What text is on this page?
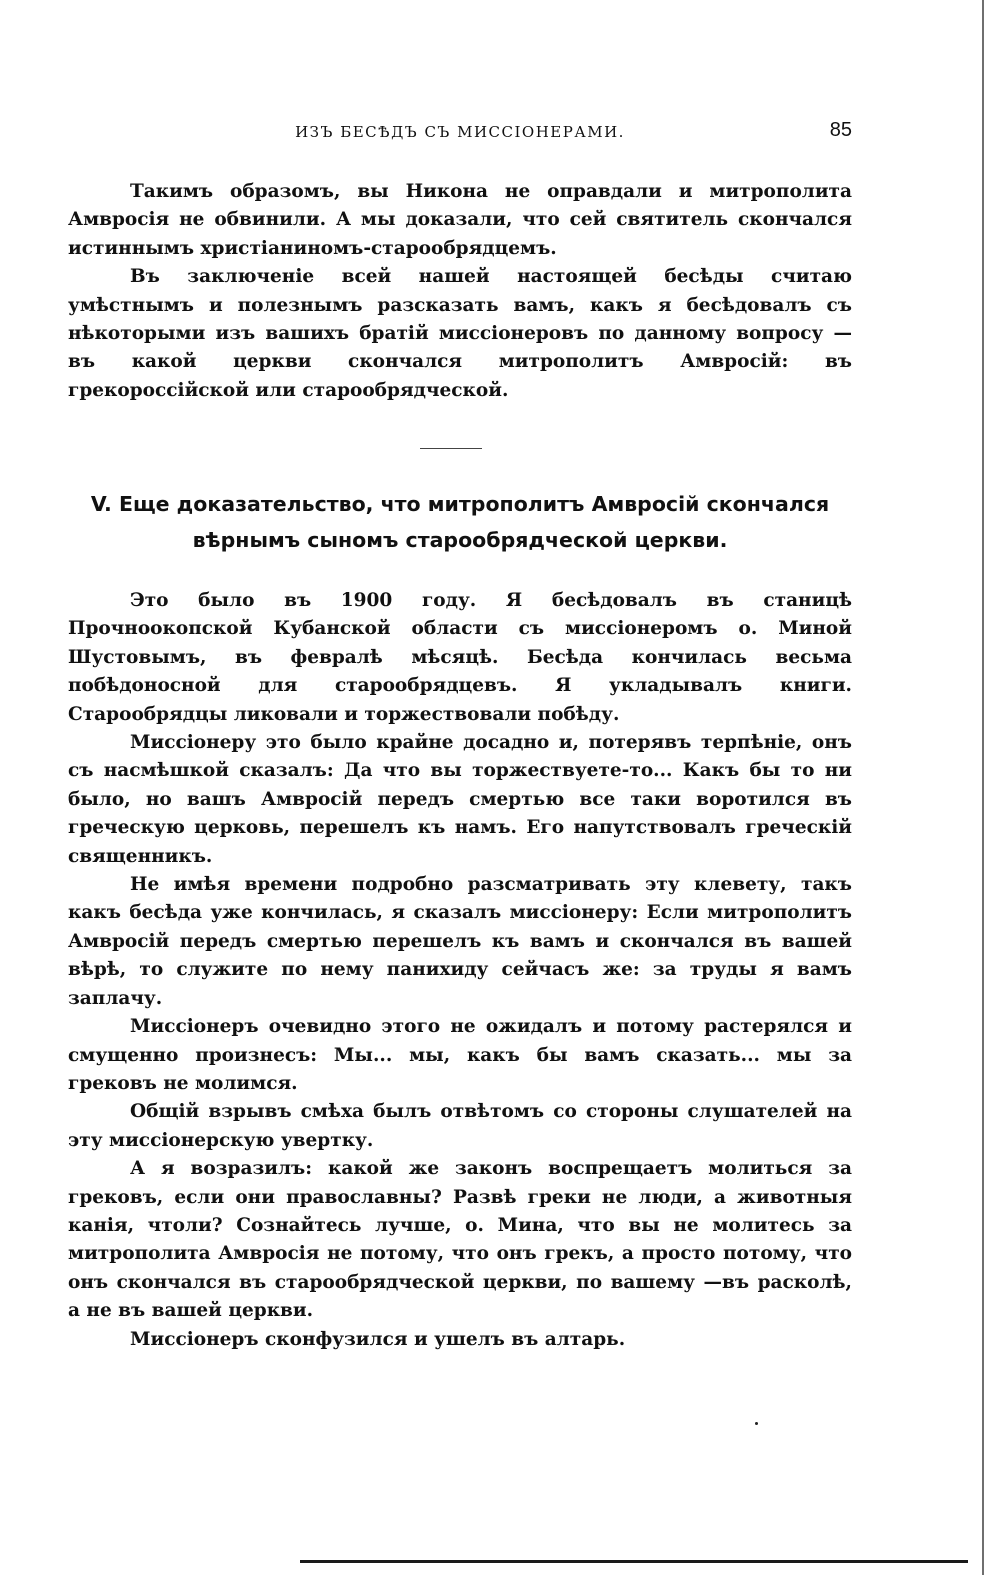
ИЗЪ БЕСѢДЪ СЪ МИССІОНЕРАМИ.	85

Такимъ образомъ, вы Никона не оправдали и митрополита Амвросія не обвинили. А мы доказали, что сей святитель скончался истиннымъ христіаниномъ-старообрядцемъ.

Въ заключеніе всей нашей настоящей бесѣды считаю умѣстнымъ и полезнымъ разсказать вамъ, какъ я бесѣдовалъ съ нѣкоторыми изъ вашихъ братій миссіонеровъ по данному вопросу — въ какой церкви скончался митрополитъ Амвросій: въ грекороссійской или старообрядческой.

V. Еще доказательство, что митрополитъ Амвросій скончался
вѣрнымъ сыномъ старообрядческой церкви.

Это было въ 1900 году. Я бесѣдовалъ въ станицѣ Прочноокопской Кубанской области съ миссіонеромъ о. Миной Шустовымъ, въ февралѣ мѣсяцѣ. Бесѣда кончилась весьма побѣдоносной для старообрядцевъ. Я укладывалъ книги. Старообрядцы ликовали и торжествовали побѣду.

Миссіонеру это было крайне досадно и, потерявъ терпѣніе, онъ съ насмѣшкой сказалъ: Да что вы торжествуете-то... Какъ бы то ни было, но вашъ Амвросій передъ смертью все таки воротился въ греческую церковь, перешелъ къ намъ. Его напутствовалъ греческій священникъ.

Не имѣя времени подробно разсматривать эту клевету, такъ какъ бесѣда уже кончилась, я сказалъ миссіонеру: Если митрополитъ Амвросій передъ смертью перешелъ къ вамъ и скончался въ вашей вѣрѣ, то служите по нему панихиду сейчасъ же: за труды я вамъ заплачу.

Миссіонеръ очевидно этого не ожидалъ и потому растерялся и смущенно произнесъ: Мы... мы, какъ бы вамъ сказать... мы за грековъ не молимся.

Общій взрывъ смѣха былъ отвѣтомъ со стороны слушателей на эту миссіонерскую увертку.

А я возразилъ: какой же законъ воспрещаетъ молиться за грековъ, если они православны? Развѣ греки не люди, а животныя канія, чтоли? Сознайтесь лучше, о. Мина, что вы не молитесь за митрополита Амвросія не потому, что онъ грекъ, а просто потому, что онъ скончался въ старообрядческой церкви, по вашему —въ расколѣ, а не въ вашей церкви.

Миссіонеръ сконфузился и ушелъ въ алтарь.
